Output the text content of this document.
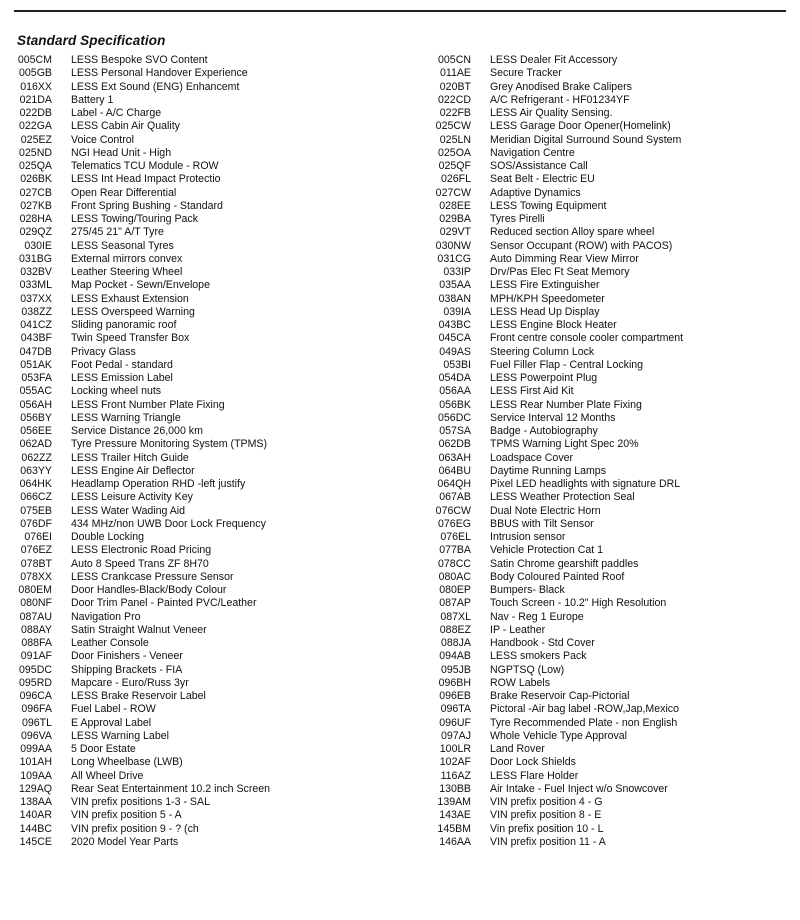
Standard Specification
005CM	LESS Bespoke SVO Content
005GB	LESS Personal Handover Experience
016XX	LESS Ext Sound (ENG) Enhancemt
021DA	Battery 1
022DB	Label - A/C Charge
022GA	LESS Cabin Air Quality
025EZ	Voice Control
025ND	NGI Head Unit - High
025QA	Telematics TCU Module - ROW
026BK	LESS Int Head Impact Protectio
027CB	Open Rear Differential
027KB	Front Spring Bushing - Standard
028HA	LESS Towing/Touring Pack
029QZ	275/45 21" A/T Tyre
030IE	LESS Seasonal Tyres
031BG	External mirrors convex
032BV	Leather Steering Wheel
033ML	Map Pocket - Sewn/Envelope
037XX	LESS Exhaust Extension
038ZZ	LESS Overspeed Warning
041CZ	Sliding panoramic roof
043BF	Twin Speed Transfer Box
047DB	Privacy Glass
051AK	Foot Pedal - standard
053FA	LESS Emission Label
055AC	Locking wheel nuts
056AH	LESS Front Number Plate Fixing
056BY	LESS Warning Triangle
056EE	Service Distance 26,000 km
062AD	Tyre Pressure Monitoring System (TPMS)
062ZZ	LESS Trailer Hitch Guide
063YY	LESS Engine Air Deflector
064HK	Headlamp Operation RHD -left justify
066CZ	LESS Leisure Activity Key
075EB	LESS Water Wading Aid
076DF	434 MHz/non UWB Door Lock Frequency
076EI	Double Locking
076EZ	LESS Electronic Road Pricing
078BT	Auto 8 Speed Trans ZF 8H70
078XX	LESS Crankcase Pressure Sensor
080EM	Door Handles-Black/Body Colour
080NF	Door Trim Panel - Painted PVC/Leather
087AU	Navigation Pro
088AY	Satin Straight Walnut Veneer
088FA	Leather Console
091AF	Door Finishers - Veneer
095DC	Shipping Brackets - FIA
095RD	Mapcare - Euro/Russ 3yr
096CA	LESS Brake Reservoir Label
096FA	Fuel Label - ROW
096TL	E Approval Label
096VA	LESS Warning Label
099AA	5 Door Estate
101AH	Long Wheelbase (LWB)
109AA	All Wheel Drive
129AQ	Rear Seat Entertainment 10.2 inch Screen
138AA	VIN prefix positions 1-3 - SAL
140AR	VIN prefix position 5 - A
144BC	VIN prefix position 9 - ? (ch
145CE	2020 Model Year Parts
005CN	LESS Dealer Fit Accessory
011AE	Secure Tracker
020BT	Grey Anodised Brake Calipers
022CD	A/C Refrigerant - HF01234YF
022FB	LESS Air Quality Sensing.
025CW	LESS Garage Door Opener(Homelink)
025LN	Meridian Digital Surround Sound System
025OA	Navigation Centre
025QF	SOS/Assistance Call
026FL	Seat Belt - Electric EU
027CW	Adaptive Dynamics
028EE	LESS Towing Equipment
029BA	Tyres Pirelli
029VT	Reduced section Alloy spare wheel
030NW	Sensor Occupant (ROW) with PACOS)
031CG	Auto Dimming Rear View Mirror
033IP	Drv/Pas Elec Ft Seat Memory
035AA	LESS Fire Extinguisher
038AN	MPH/KPH Speedometer
039IA	LESS Head Up Display
043BC	LESS Engine Block Heater
045CA	Front centre console cooler compartment
049AS	Steering Column Lock
053BI	Fuel Filler Flap - Central Locking
054DA	LESS Powerpoint Plug
056AA	LESS First Aid Kit
056BK	LESS Rear Number Plate Fixing
056DC	Service Interval 12 Months
057SA	Badge - Autobiography
062DB	TPMS Warning Light Spec 20%
063AH	Loadspace Cover
064BU	Daytime Running Lamps
064QH	Pixel LED headlights with signature DRL
067AB	LESS Weather Protection Seal
076CW	Dual Note Electric Horn
076EG	BBUS with Tilt Sensor
076EL	Intrusion sensor
077BA	Vehicle Protection Cat 1
078CC	Satin Chrome gearshift paddles
080AC	Body Coloured Painted Roof
080EP	Bumpers- Black
087AP	Touch Screen - 10.2" High Resolution
087XL	Nav - Reg 1 Europe
088EZ	IP - Leather
088JA	Handbook - Std Cover
094AB	LESS smokers Pack
095JB	NGPTSQ (Low)
096BH	ROW Labels
096EB	Brake Reservoir Cap-Pictorial
096TA	Pictoral -Air bag label -ROW,Jap,Mexico
096UF	Tyre Recommended Plate - non English
097AJ	Whole Vehicle Type Approval
100LR	Land Rover
102AF	Door Lock Shields
116AZ	LESS Flare Holder
130BB	Air Intake - Fuel Inject w/o Snowcover
139AM	VIN prefix position 4 - G
143AE	VIN prefix position 8 - E
145BM	Vin prefix position 10 - L
146AA	VIN prefix position 11 - A
